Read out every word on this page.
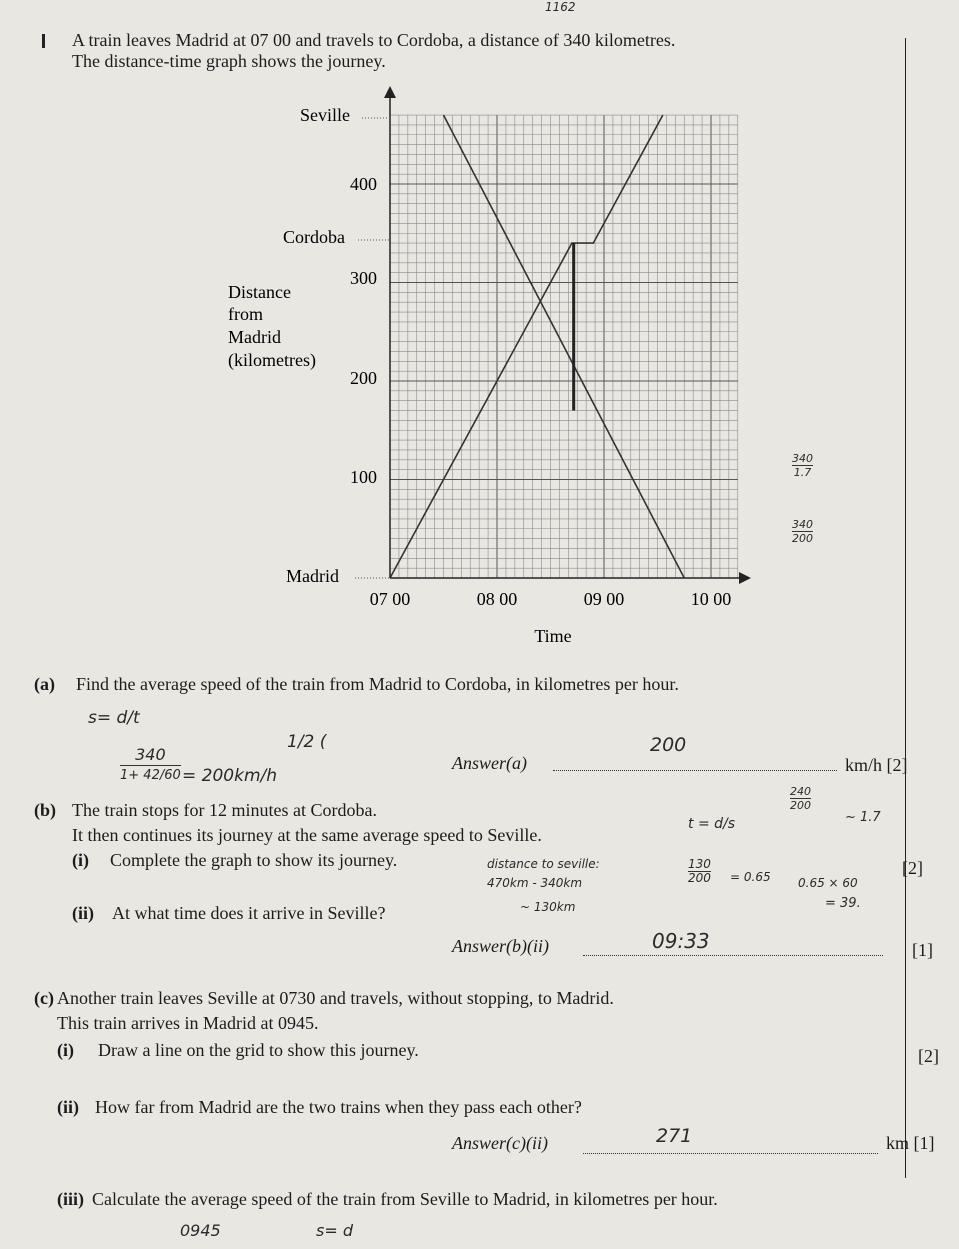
1162
A train leaves Madrid at 07 00 and travels to Cordoba, a distance of 340 kilometres.
The distance-time graph shows the journey.
Seville
Cordoba
Madrid
400
300
200
100
Distance
from
Madrid
(kilometres)
07 00	08 00	09 00	10 00
Time
340
1.7
340
200
(a) Find the average speed of the train from Madrid to Cordoba, in kilometres per hour.
s= d/t
340
1+ 42/60 = 200km/h
1/2 (
Answer(a)
200
km/h [2]
(b) The train stops for 12 minutes at Cordoba.
It then continues its journey at the same average speed to Seville.
(i) Complete the graph to show its journey.	[2]
240
200
~ 1.7
t = d/s
distance to seville:
470km - 340km
~ 130km
130
200 = 0.65 0.65 × 60
= 39.
(ii) At what time does it arrive in Seville?
Answer(b)(ii)	09:33	[1]
(c) Another train leaves Seville at 0730 and travels, without stopping, to Madrid.
This train arrives in Madrid at 0945.
(i) Draw a line on the grid to show this journey.	[2]
(ii) How far from Madrid are the two trains when they pass each other?
Answer(c)(ii)	271	km [1]
(iii) Calculate the average speed of the train from Seville to Madrid, in kilometres per hour.
0945	s= d
